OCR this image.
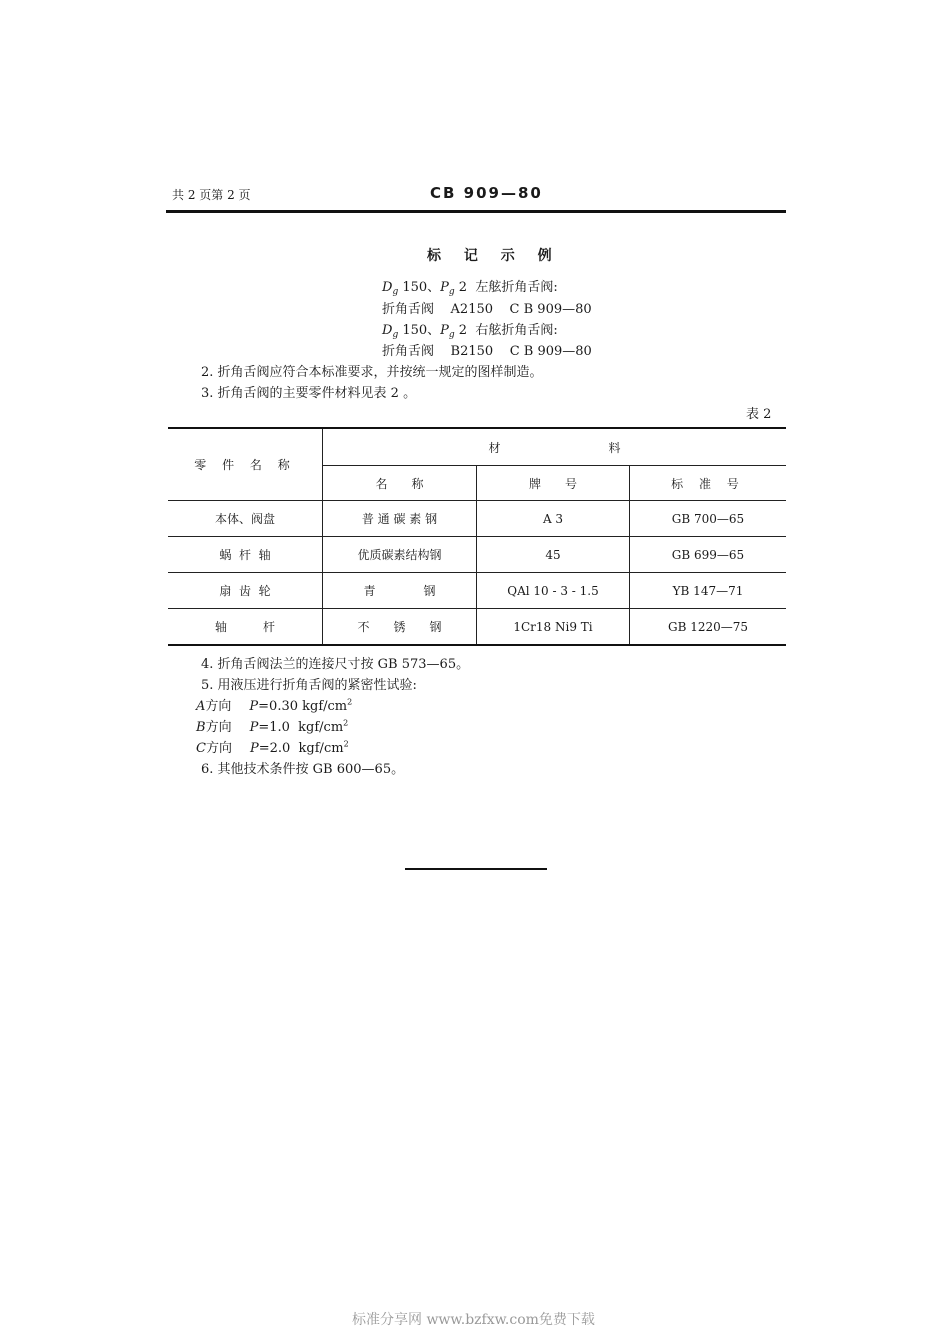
共 2 页第 2 页	CB 909—80
标 记 示 例
$D_g$ 150、$P_g$ 2  左舷折角舌阀:
折角舌阀    A2150    C B 909—80
$D_g$ 150、$P_g$ 2  右舷折角舌阀:
折角舌阀    B2150    C B 909—80
2. 折角舌阀应符合本标准要求，并按统一规定的图样制造。
3. 折角舌阀的主要零件材料见表 2 。
表 2
零 件 名 称	材　　　　　　　　　料		
	名　　称	牌　　号	标 准 号
本体、阀盘	普 通 碳 素 钢	A 3	GB 700—65
蜗  杆  轴	优质碳素结构钢	45	GB 699—65
扇  齿  轮	青　　　　钢	QAl 10 - 3 - 1.5	YB 147—71
轴　　　杆	不　　锈　　钢	1Cr18 Ni9 Ti	GB 1220—75
4. 折角舌阀法兰的连接尺寸按 GB 573—65。
5. 用液压进行折角舌阀的紧密性试验:
A方向 P=0.30 kgf/$cm^2$
B方向 P=1.0  kgf/$cm^2$
C方向 P=2.0  kgf/$cm^2$
6. 其他技术条件按 GB 600—65。
标准分享网 www.bzfxw.com免费下载
